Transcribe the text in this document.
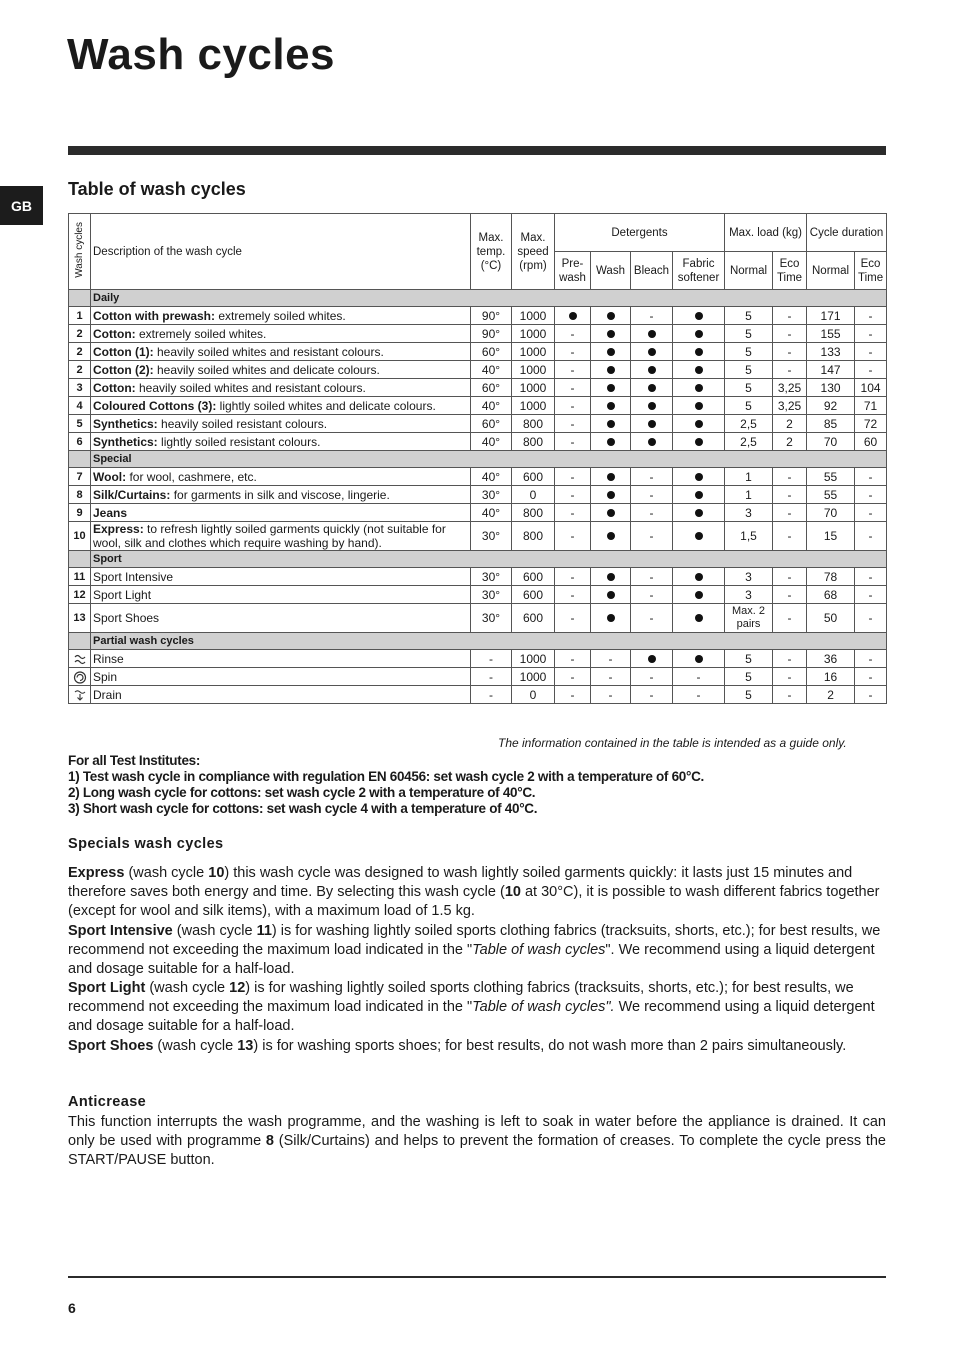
Wash cycles
GB
Table of wash cycles
Wash cycles	Description of the wash cycle	Max. temp. (°C)	Max. speed (rpm)	Detergents				Max. load (kg)		Cycle duration	
				Pre- wash	Wash	Bleach	Fabric softener	Normal	Eco Time	Normal	Eco Time
	Daily										
1	Cotton with prewash: extremely soiled whites.	90°	1000			-		5	-	171	-
2	Cotton: extremely soiled whites.	90°	1000	-				5	-	155	-
2	Cotton (1): heavily soiled whites and resistant colours.	60°	1000	-				5	-	133	-
2	Cotton (2): heavily soiled whites and delicate colours.	40°	1000	-				5	-	147	-
3	Cotton: heavily soiled whites and resistant colours.	60°	1000	-				5	3,25	130	104
4	Coloured Cottons (3): lightly soiled whites and delicate colours.	40°	1000	-				5	3,25	92	71
5	Synthetics: heavily soiled resistant colours.	60°	800	-				2,5	2	85	72
6	Synthetics: lightly soiled resistant colours.	40°	800	-				2,5	2	70	60
	Special										
7	Wool: for wool, cashmere, etc.	40°	600	-		-		1	-	55	-
8	Silk/Curtains: for garments in silk and viscose, lingerie.	30°	0	-		-		1	-	55	-
9	Jeans	40°	800	-		-		3	-	70	-
10	Express: to refresh lightly soiled garments quickly (not suitable for wool, silk and clothes which require washing by hand).	30°	800	-		-		1,5	-	15	-
	Sport										
11	Sport Intensive	30°	600	-		-		3	-	78	-
12	Sport Light	30°	600	-		-		3	-	68	-
13	Sport Shoes	30°	600	-		-		Max. 2 pairs	-	50	-
	Partial wash cycles										
	Rinse	-	1000	-	-			5	-	36	-
	Spin	-	1000	-	-	-	-	5	-	16	-
	Drain	-	0	-	-	-	-	5	-	2	-
The information contained in the table is intended as a guide only.
For all Test Institutes:
1) Test wash cycle in compliance with regulation EN 60456: set wash cycle 2 with a temperature of 60°C.
2) Long wash cycle for cottons: set wash cycle 2 with a temperature of 40°C.
3) Short wash cycle for cottons: set wash cycle 4 with a temperature of 40°C.
Specials wash cycles

Express (wash cycle 10) this wash cycle was designed to wash lightly soiled garments quickly: it lasts just 15 minutes and therefore saves both energy and time. By selecting this wash cycle (10 at 30°C), it is possible to wash different fabrics together (except for wool and silk items), with a maximum load of 1.5 kg.

Sport Intensive (wash cycle 11) is for washing lightly soiled sports clothing fabrics (tracksuits, shorts, etc.); for best results, we recommend not exceeding the maximum load indicated in the "Table of wash cycles". We recommend using a liquid detergent and dosage suitable for a half-load.

Sport Light (wash cycle 12) is for washing lightly soiled sports clothing fabrics (tracksuits, shorts, etc.); for best results, we recommend not exceeding the maximum load indicated in the "Table of wash cycles". We recommend using a liquid detergent and dosage suitable for a half-load.

Sport Shoes (wash cycle 13) is for washing sports shoes; for best results, do not wash more than 2 pairs simultaneously.

Anticrease

This function interrupts the wash programme, and the washing is left to soak in water before the appliance is drained. It can only be used with programme 8 (Silk/Curtains) and helps to prevent the formation of creases. To complete the cycle press the START/PAUSE button.

6
